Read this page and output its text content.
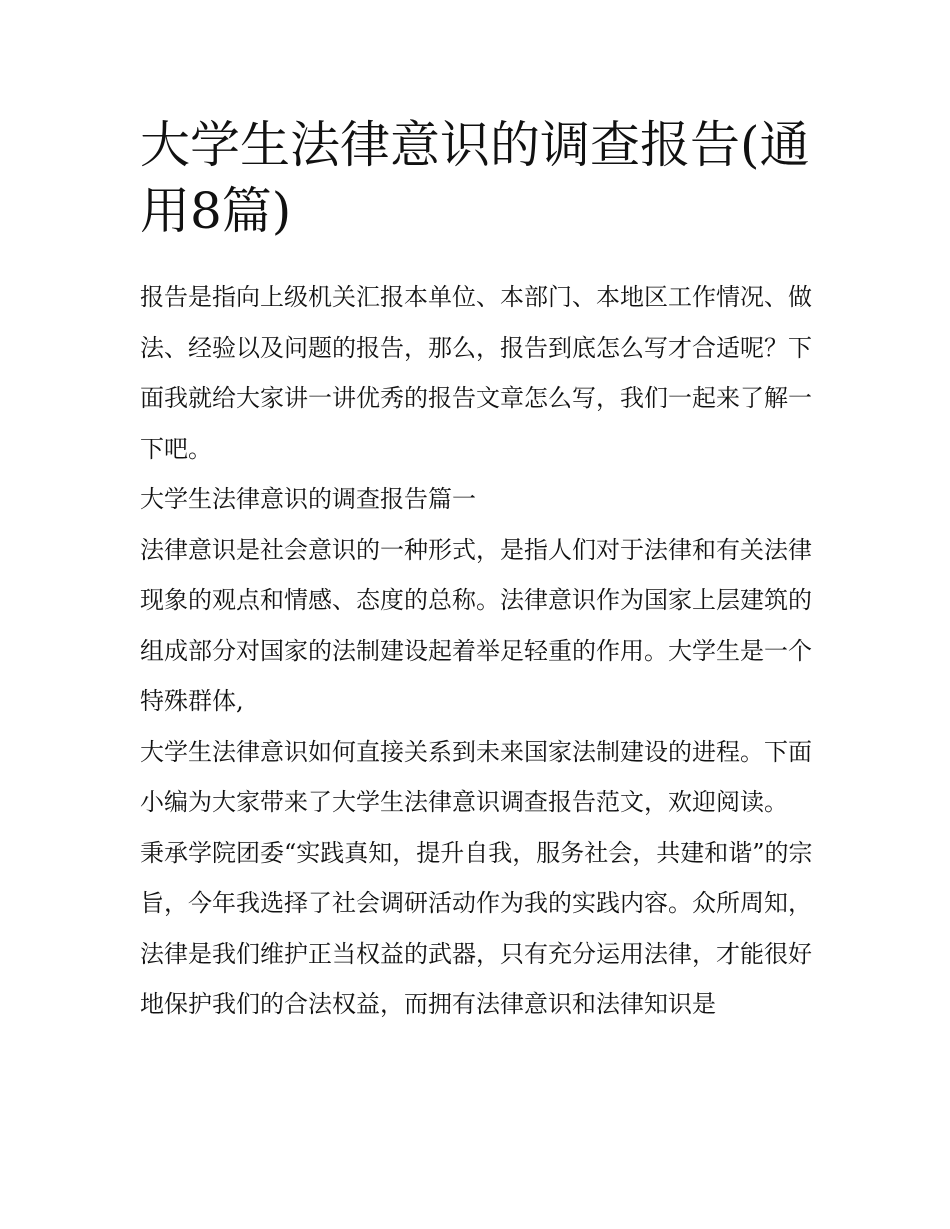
大学生法律意识的调查报告(通用8篇)

报告是指向上级机关汇报本单位、本部门、本地区工作情况、做法、经验以及问题的报告，那么，报告到底怎么写才合适呢？下面我就给大家讲一讲优秀的报告文章怎么写，我们一起来了解一下吧。

大学生法律意识的调查报告篇一

法律意识是社会意识的一种形式，是指人们对于法律和有关法律现象的观点和情感、态度的总称。法律意识作为国家上层建筑的组成部分对国家的法制建设起着举足轻重的作用。大学生是一个特殊群体,

大学生法律意识如何直接关系到未来国家法制建设的进程。下面小编为大家带来了大学生法律意识调查报告范文，欢迎阅读。

秉承学院团委“实践真知，提升自我，服务社会，共建和谐”的宗旨，今年我选择了社会调研活动作为我的实践内容。众所周知，法律是我们维护正当权益的武器，只有充分运用法律，才能很好地保护我们的合法权益，而拥有法律意识和法律知识是
